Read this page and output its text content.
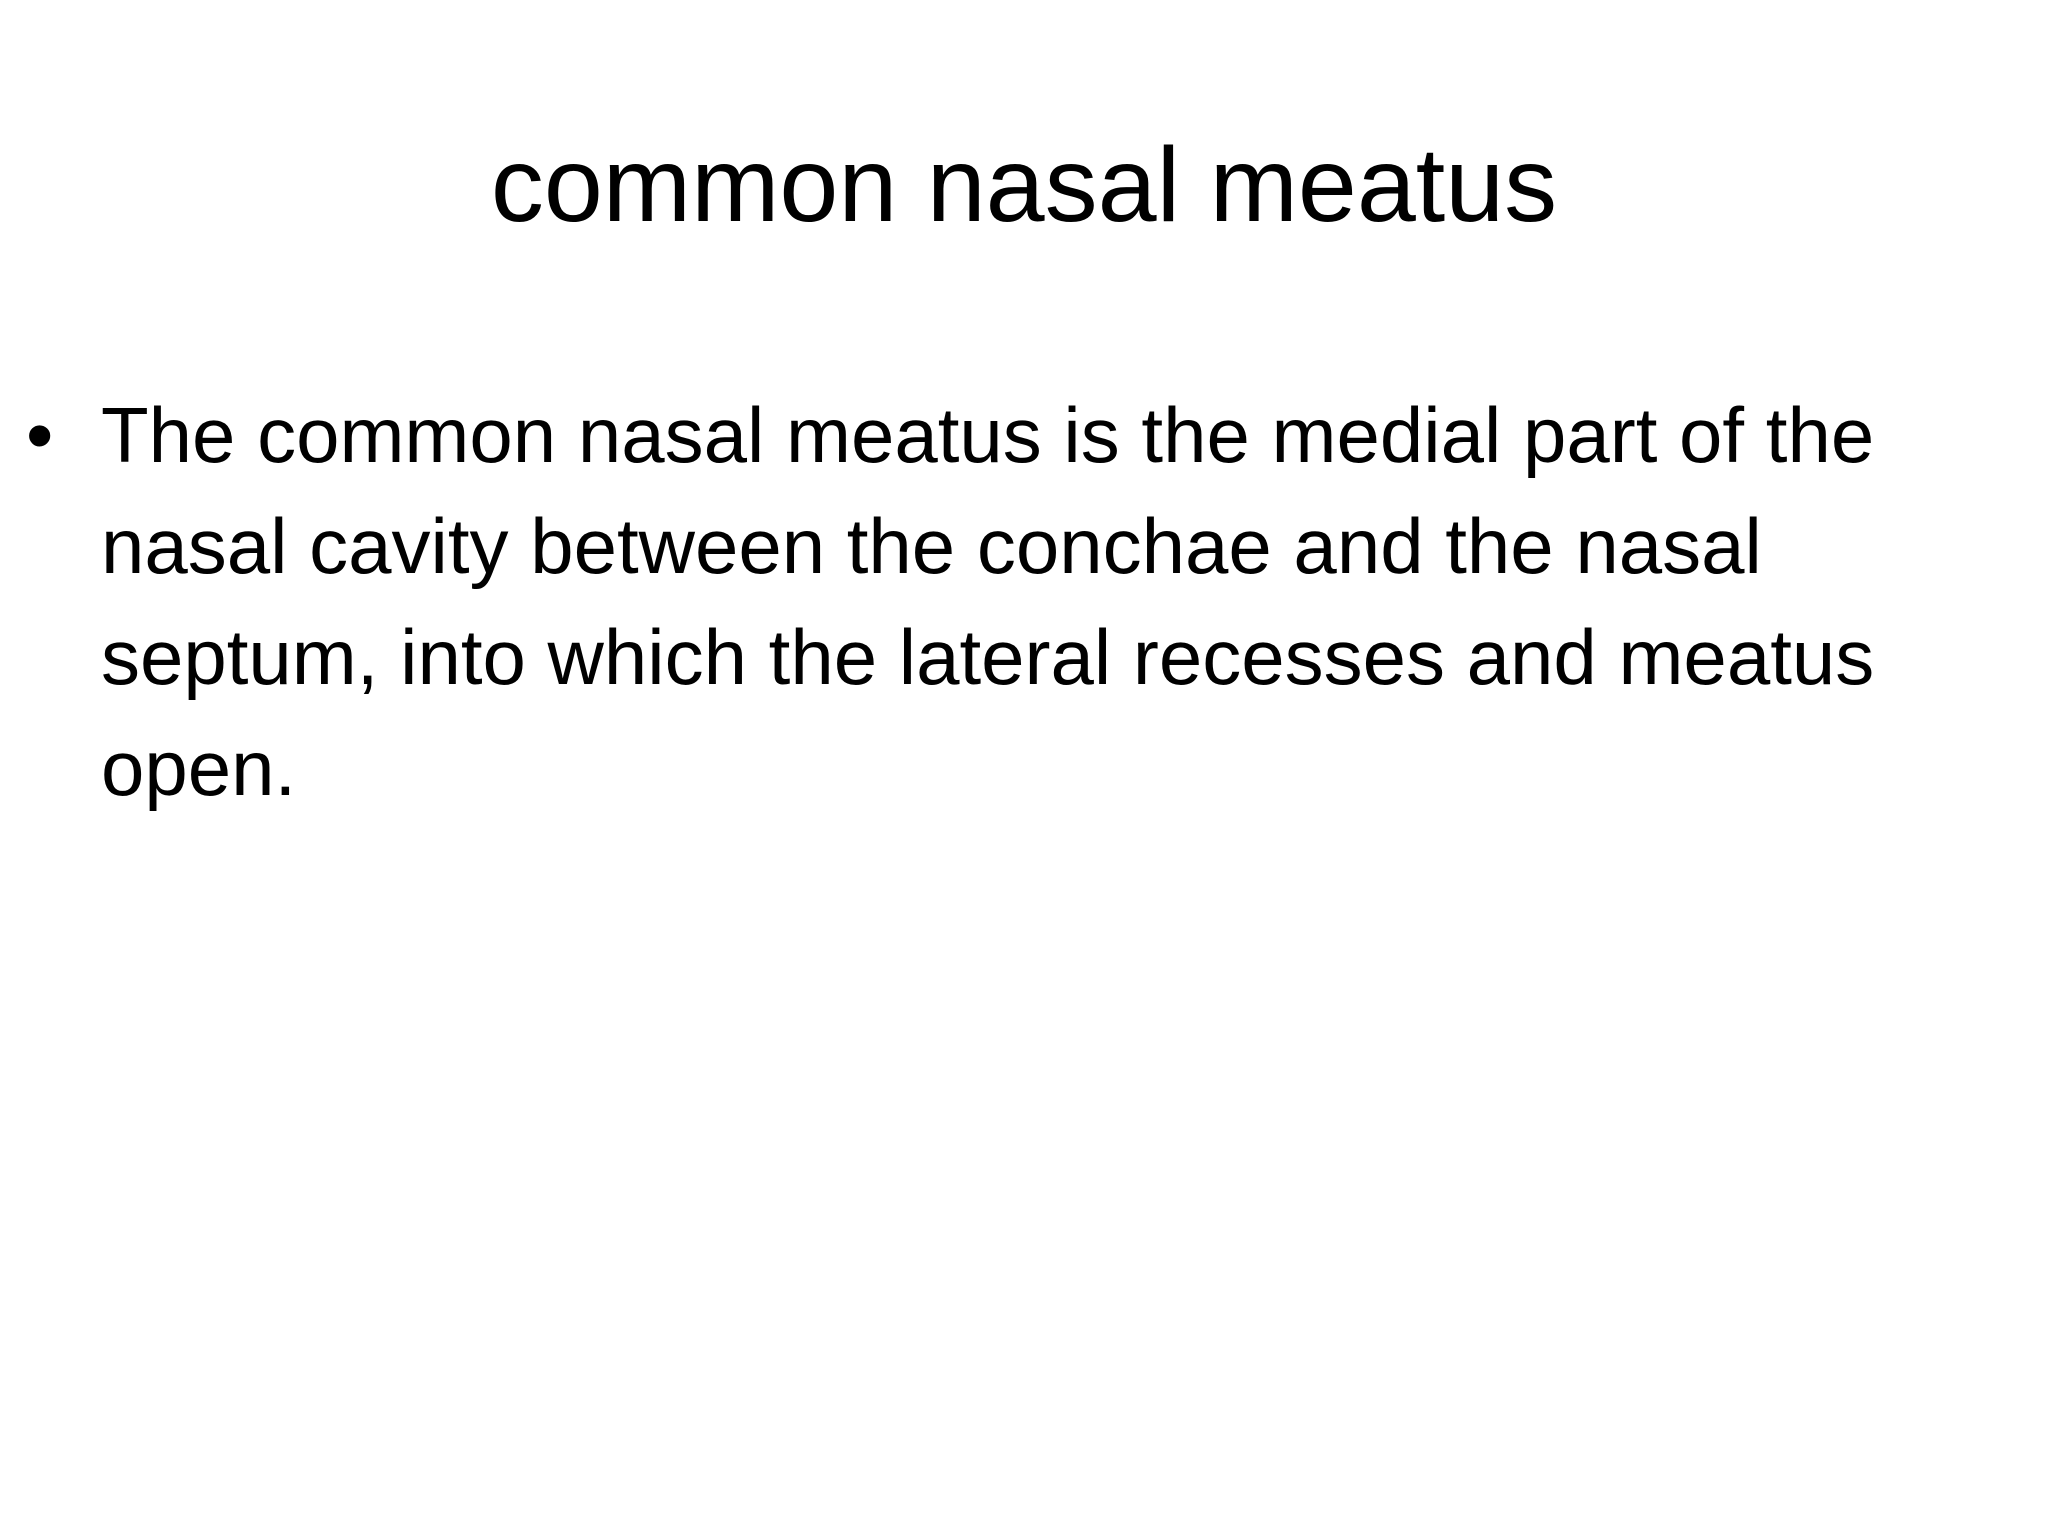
common nasal meatus
• The common nasal meatus is the medial part of the nasal cavity between the conchae and the nasal septum, into which the lateral recesses and meatus open.
